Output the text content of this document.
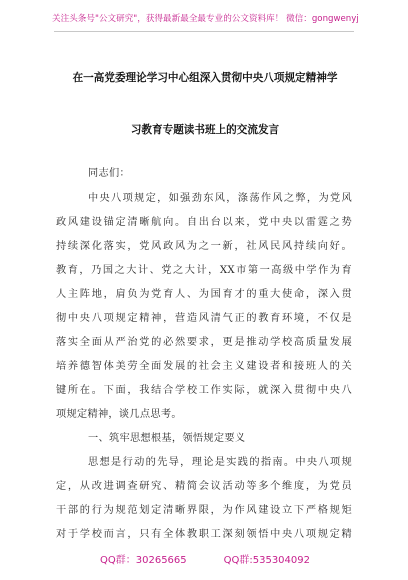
关注头条号"公文研究"，获得最新最全最专业的公文资料库！ 微信：gongwenyj
在一高党委理论学习中心组深入贯彻中央八项规定精神学
习教育专题读书班上的交流发言
同志们：
中央八项规定，如强劲东风，涤荡作风之弊，为党风
政风建设锚定清晰航向。自出台以来，党中央以雷霆之势
持续深化落实，党风政风为之一新，社风民风持续向好。
教育，乃国之大计、党之大计，XX市第一高级中学作为育
人主阵地，肩负为党育人、为国育才的重大使命，深入贯
彻中央八项规定精神，营造风清气正的教育环境，不仅是
落实全面从严治党的必然要求，更是推动学校高质量发展
培养德智体美劳全面发展的社会主义建设者和接班人的关
键所在。下面，我结合学校工作实际，就深入贯彻中央八
项规定精神，谈几点思考。
一、筑牢思想根基，领悟规定要义
思想是行动的先导，理论是实践的指南。中央八项规
定，从改进调查研究、精简会议活动等多个维度，为党员
干部的行为规范划定清晰界限，为作风建设立下严格规矩
对于学校而言，只有全体教职工深刻领悟中央八项规定精
QQ群：30265665	QQ群:535304092
